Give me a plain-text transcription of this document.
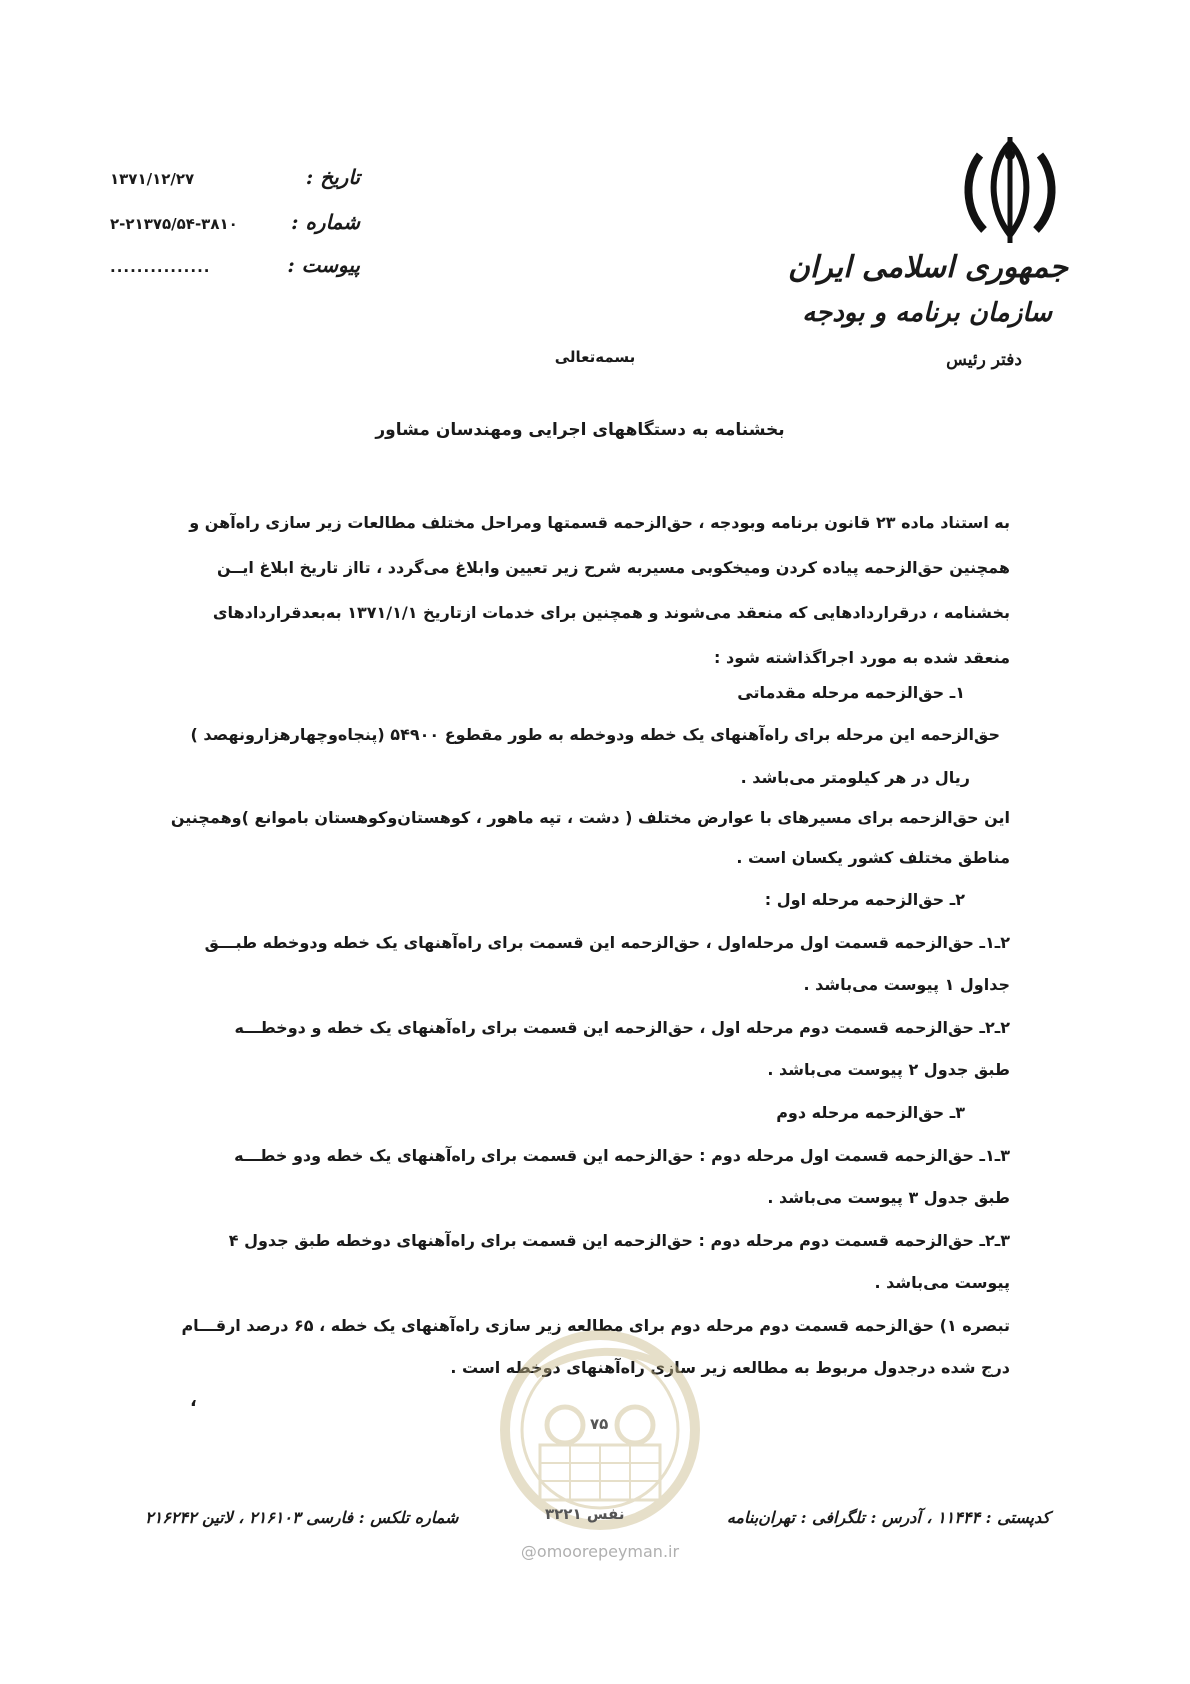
جمهوری اسلامی ایران
سازمان برنامه و بودجه
دفتر رئیس
تاریخ :
۱۳۷۱/۱۲/۲۷
شماره :
۲-۲۱۳۷۵/۵۴-۳۸۱۰
پیوست :
...............
بسمه‌تعالی
بخشنامه به دستگاههای اجرایی ومهندسان مشاور
به استناد ماده ۲۳ قانون برنامه وبودجه ، حق‌الزحمه قسمتها ومراحل مختلف مطالعات زیر سازی راه‌آهن و
همچنین حق‌الزحمه پیاده کردن ومیخکوبی مسیربه شرح زیر تعیین وابلاغ می‌گردد ، تااز تاریخ ابلاغ ایــن
بخشنامه ، درقراردادهایی که منعقد می‌شوند و همچنین برای خدمات ازتاریخ ۱۳۷۱/۱/۱ به‌بعدقراردادهای
منعقد شده به مورد اجراگذاشته شود :
۱ـ حق‌الزحمه مرحله مقدماتی
حق‌الزحمه این مرحله برای راه‌آهنهای یک خطه ودوخطه به طور مقطوع ۵۴۹۰۰ (پنجاه‌وچهارهزارونهصد )
ریال در هر کیلومتر می‌باشد .
این حق‌الزحمه برای مسیرهای با عوارض مختلف ( دشت ، تپه ماهور ، کوهستان‌وکوهستان باموانع )وهمچنین
مناطق مختلف کشور یکسان است .
۲ـ حق‌الزحمه مرحله اول :
۲ـ۱ـ حق‌الزحمه قسمت اول مرحله‌اول ، حق‌الزحمه این قسمت برای راه‌آهنهای یک خطه ودوخطه طبـــق
جداول ۱ پیوست می‌باشد .
۲ـ۲ـ حق‌الزحمه قسمت دوم مرحله اول ، حق‌الزحمه این قسمت برای راه‌آهنهای یک خطه و دوخطـــه
طبق جدول ۲ پیوست می‌باشد .
۳ـ حق‌الزحمه مرحله دوم
۳ـ۱ـ حق‌الزحمه قسمت اول مرحله دوم : حق‌الزحمه این قسمت برای راه‌آهنهای یک خطه ودو خطـــه
طبق جدول ۳ پیوست می‌باشد .
۳ـ۲ـ حق‌الزحمه قسمت دوم مرحله دوم : حق‌الزحمه این قسمت برای راه‌آهنهای دوخطه طبق جدول ۴
پیوست می‌باشد .
تبصره ۱) حق‌الزحمه قسمت دوم مرحله دوم برای مطالعه زیر سازی راه‌آهنهای یک خطه ، ۶۵ درصد ارقـــام
درج شده درجدول مربوط به مطالعه زیر سازی راه‌آهنهای دوخطه است .
،
۷۵
نفس ۳۲۲۱
@omoorepeyman.ir
شماره تلکس : فارسی ۲۱۶۱۰۳ ، لاتین ۲۱۶۲۴۲	کدپستی : ۱۱۴۴۴ ، آدرس : تلگرافی : تهران‌بنامه
